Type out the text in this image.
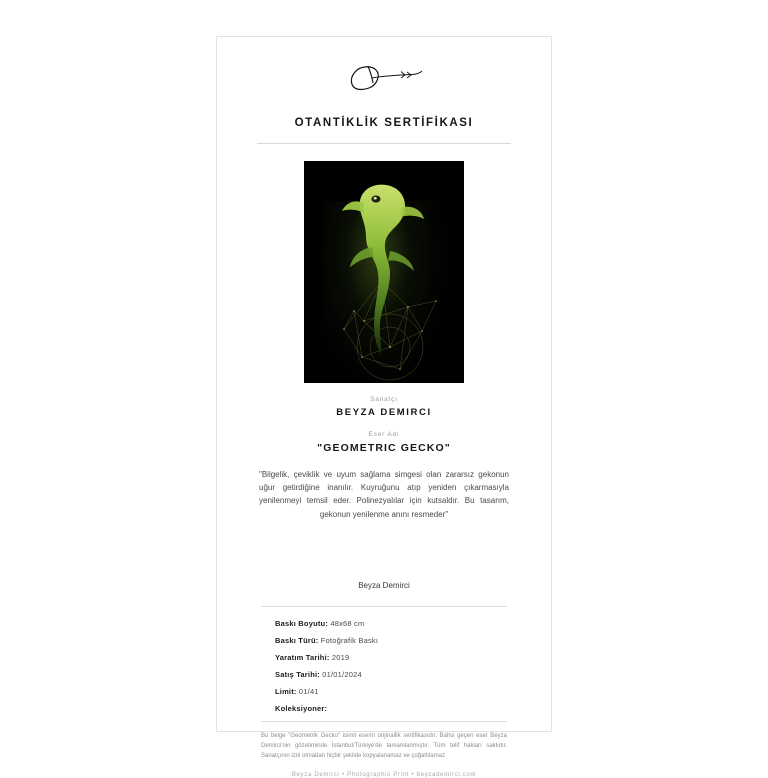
OTANTİKLİK SERTİFİKASI
Sanatçı
BEYZA DEMIRCI
Eser Adı
"GEOMETRIC GECKO"
"Bilgelik, çeviklik ve uyum sağlama simgesi olan zararsız gekonun uğur getirdiğine inanılır. Kuyruğunu atıp yeniden çıkarmasıyla yenilenmeyi temsil eder. Polinezyalılar için kutsaldır. Bu tasarım, gekonun yenilenme anını resmeder"
Beyza Demirci
Baskı Boyutu: 48x68 cm
Baskı Türü: Fotoğrafik Baskı
Yaratım Tarihi: 2019
Satış Tarihi: 01/01/2024
Limit: 01/41
Koleksiyoner:
Bu belge "Geometrik Gecko" isimli eserin orijinallik sertifikasıdır. Bahsi geçen eser Beyza Demirci'nin gözetiminde İstanbul/Türkiye'de tamamlanmıştır. Tüm telif hakları saklıdır. Sanatçının izni olmadan hiçbir şekilde kopyalanamaz ve çoğaltılamaz
Beyza Demirci • Photographic Print • beyzademirci.com
